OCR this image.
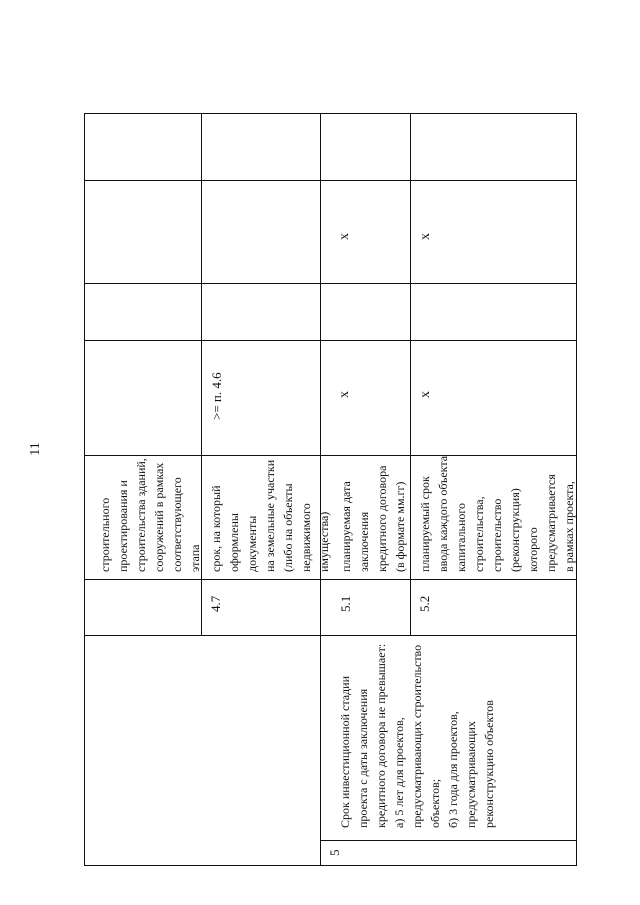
11
строительного проектирования и строительства зданий, сооружений в рамках соответствующего этапа
4.7
срок, на который оформлены документы на земельные участки (либо на объекты недвижимого имущества)
>= п. 4.6
5
Срок инвестиционной стадии проекта с даты заключения кредитного договора не превышает: а) 5 лет для проектов, предусматривающих строительство объектов; б) 3 года для проектов, предусматривающих реконструкцию объектов
5.1
планируемая дата заключения кредитного договора (в формате мм.гг)
x
x
5.2
планируемый срок ввода каждого объекта капитального строительства, строительство (реконструкция) которого предусматривается в рамках проекта,
x
x
